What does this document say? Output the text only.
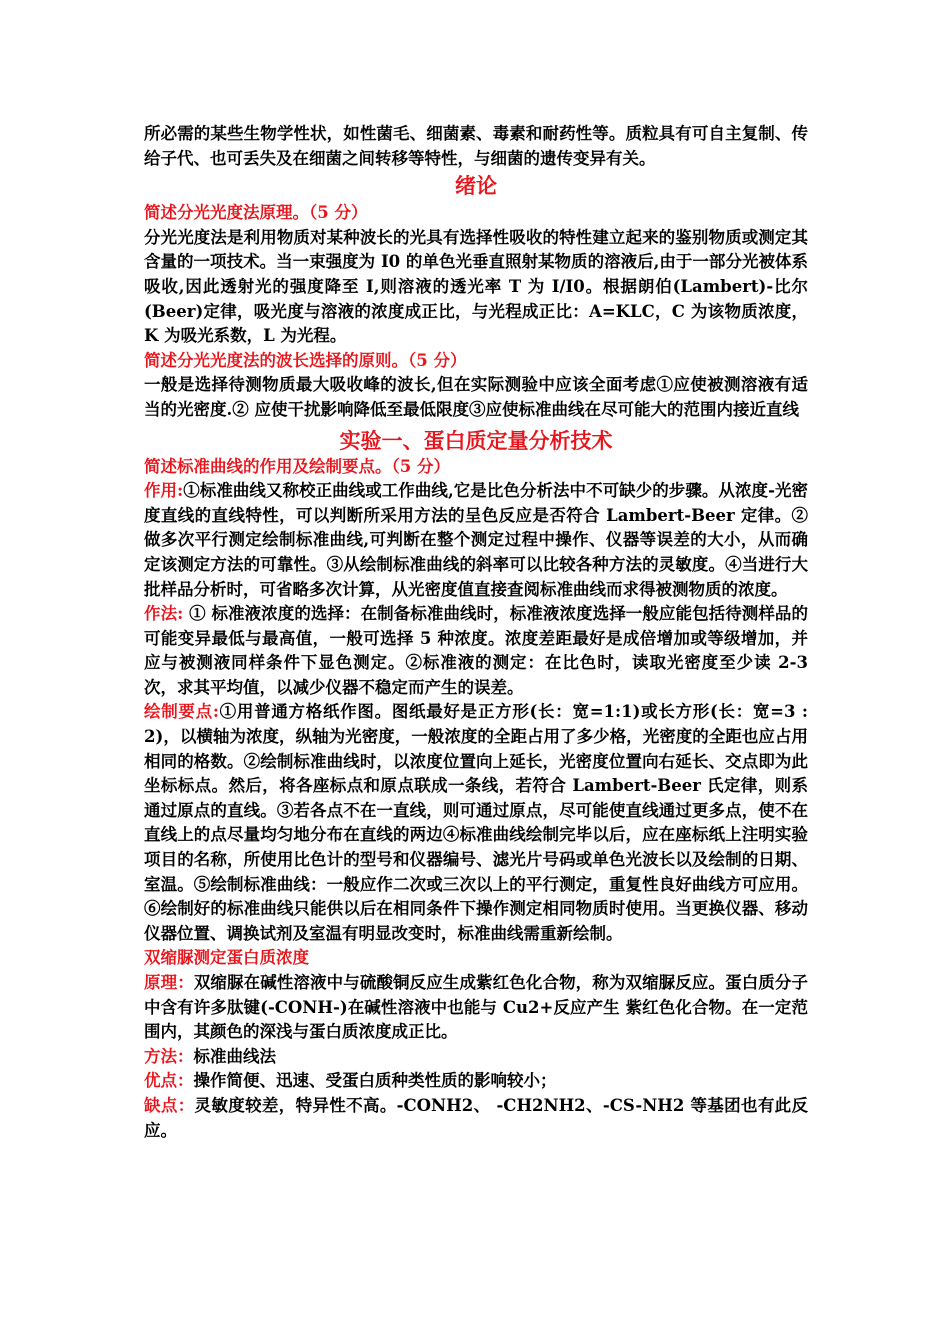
所必需的某些生物学性状，如性菌毛、细菌素、毒素和耐药性等。质粒具有可自主复制、传给子代、也可丢失及在细菌之间转移等特性，与细菌的遗传变异有关。

绪论

简述分光光度法原理。（5 分）

分光光度法是利用物质对某种波长的光具有选择性吸收的特性建立起来的鉴别物质或测定其含量的一项技术。当一束强度为 I0 的单色光垂直照射某物质的溶液后,由于一部分光被体系吸收,因此透射光的强度降至 I,则溶液的透光率 T 为 I/I0。根据朗伯(Lambert)-比尔(Beer)定律，吸光度与溶液的浓度成正比，与光程成正比：A=KLC，C 为该物质浓度，K 为吸光系数，L 为光程。

简述分光光度法的波长选择的原则。（5 分）

一般是选择待测物质最大吸收峰的波长,但在实际测验中应该全面考虑①应使被测溶液有适当的光密度.② 应使干扰影响降低至最低限度③应使标准曲线在尽可能大的范围内接近直线

实验一、蛋白质定量分析技术

简述标准曲线的作用及绘制要点。（5 分）

作用:①标准曲线又称校正曲线或工作曲线,它是比色分析法中不可缺少的步骤。从浓度-光密度直线的直线特性，可以判断所采用方法的呈色反应是否符合 Lambert-Beer 定律。②做多次平行测定绘制标准曲线,可判断在整个测定过程中操作、仪器等误差的大小，从而确定该测定方法的可靠性。③从绘制标准曲线的斜率可以比较各种方法的灵敏度。④当进行大批样品分析时，可省略多次计算，从光密度值直接查阅标准曲线而求得被测物质的浓度。

作法: ① 标准液浓度的选择：在制备标准曲线时，标准液浓度选择一般应能包括待测样品的可能变异最低与最高值，一般可选择 5 种浓度。浓度差距最好是成倍增加或等级增加，并应与被测液同样条件下显色测定。②标准液的测定：在比色时，读取光密度至少读 2-3 次，求其平均值，以减少仪器不稳定而产生的误差。

绘制要点:①用普通方格纸作图。图纸最好是正方形(长：宽=1:1)或长方形(长：宽=3 : 2)，以横轴为浓度，纵轴为光密度，一般浓度的全距占用了多少格，光密度的全距也应占用相同的格数。②绘制标准曲线时，以浓度位置向上延长，光密度位置向右延长、交点即为此坐标标点。然后，将各座标点和原点联成一条线，若符合 Lambert-Beer 氏定律，则系通过原点的直线。③若各点不在一直线，则可通过原点，尽可能使直线通过更多点，使不在直线上的点尽量均匀地分布在直线的两边④标准曲线绘制完毕以后，应在座标纸上注明实验项目的名称，所使用比色计的型号和仪器编号、滤光片号码或单色光波长以及绘制的日期、室温。⑤绘制标准曲线：一般应作二次或三次以上的平行测定，重复性良好曲线方可应用。⑥绘制好的标准曲线只能供以后在相同条件下操作测定相同物质时使用。当更换仪器、移动仪器位置、调换试剂及室温有明显改变时，标准曲线需重新绘制。

双缩脲测定蛋白质浓度

原理：双缩脲在碱性溶液中与硫酸铜反应生成紫红色化合物，称为双缩脲反应。蛋白质分子中含有许多肽键(-CONH-)在碱性溶液中也能与 Cu2+反应产生 紫红色化合物。在一定范围内，其颜色的深浅与蛋白质浓度成正比。

方法：标准曲线法

优点：操作简便、迅速、受蛋白质种类性质的影响较小；

缺点：灵敏度较差，特异性不高。-CONH2、 -CH2NH2、-CS-NH2 等基团也有此反应。
